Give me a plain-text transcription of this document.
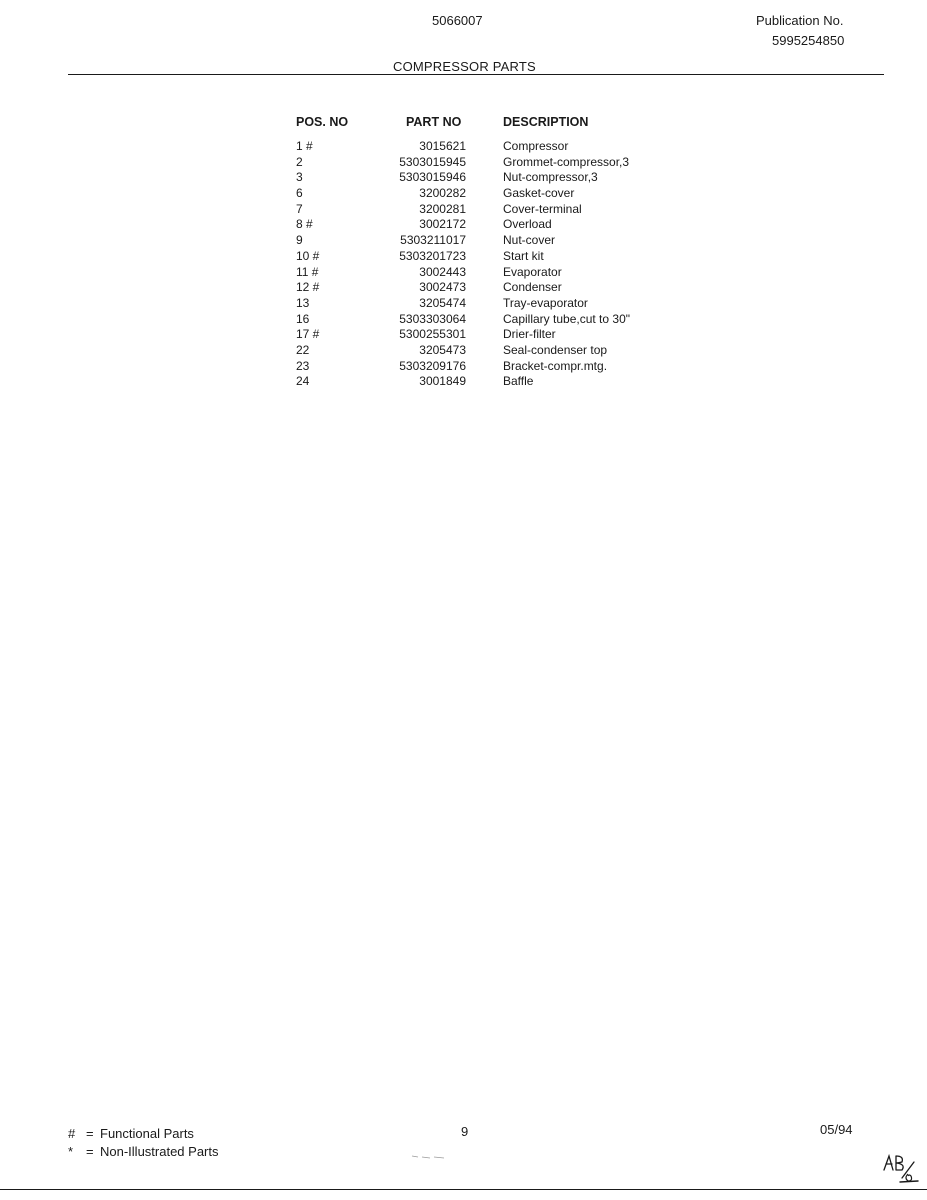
5066007	Publication No.
5995254850
COMPRESSOR PARTS
POS. NO	PART NO	DESCRIPTION
1 #	3015621	Compressor
2	5303015945	Grommet-compressor,3
3	5303015946	Nut-compressor,3
6	3200282	Gasket-cover
7	3200281	Cover-terminal
8 #	3002172	Overload
9	5303211017	Nut-cover
10 #	5303201723	Start kit
11 #	3002443	Evaporator
12 #	3002473	Condenser
13	3205474	Tray-evaporator
16	5303303064	Capillary tube,cut to 30"
17 #	5300255301	Drier-filter
22	3205473	Seal-condenser top
23	5303209176	Bracket-compr.mtg.
24	3001849	Baffle
# = Functional Parts
* = Non-Illustrated Parts
9	05/94
